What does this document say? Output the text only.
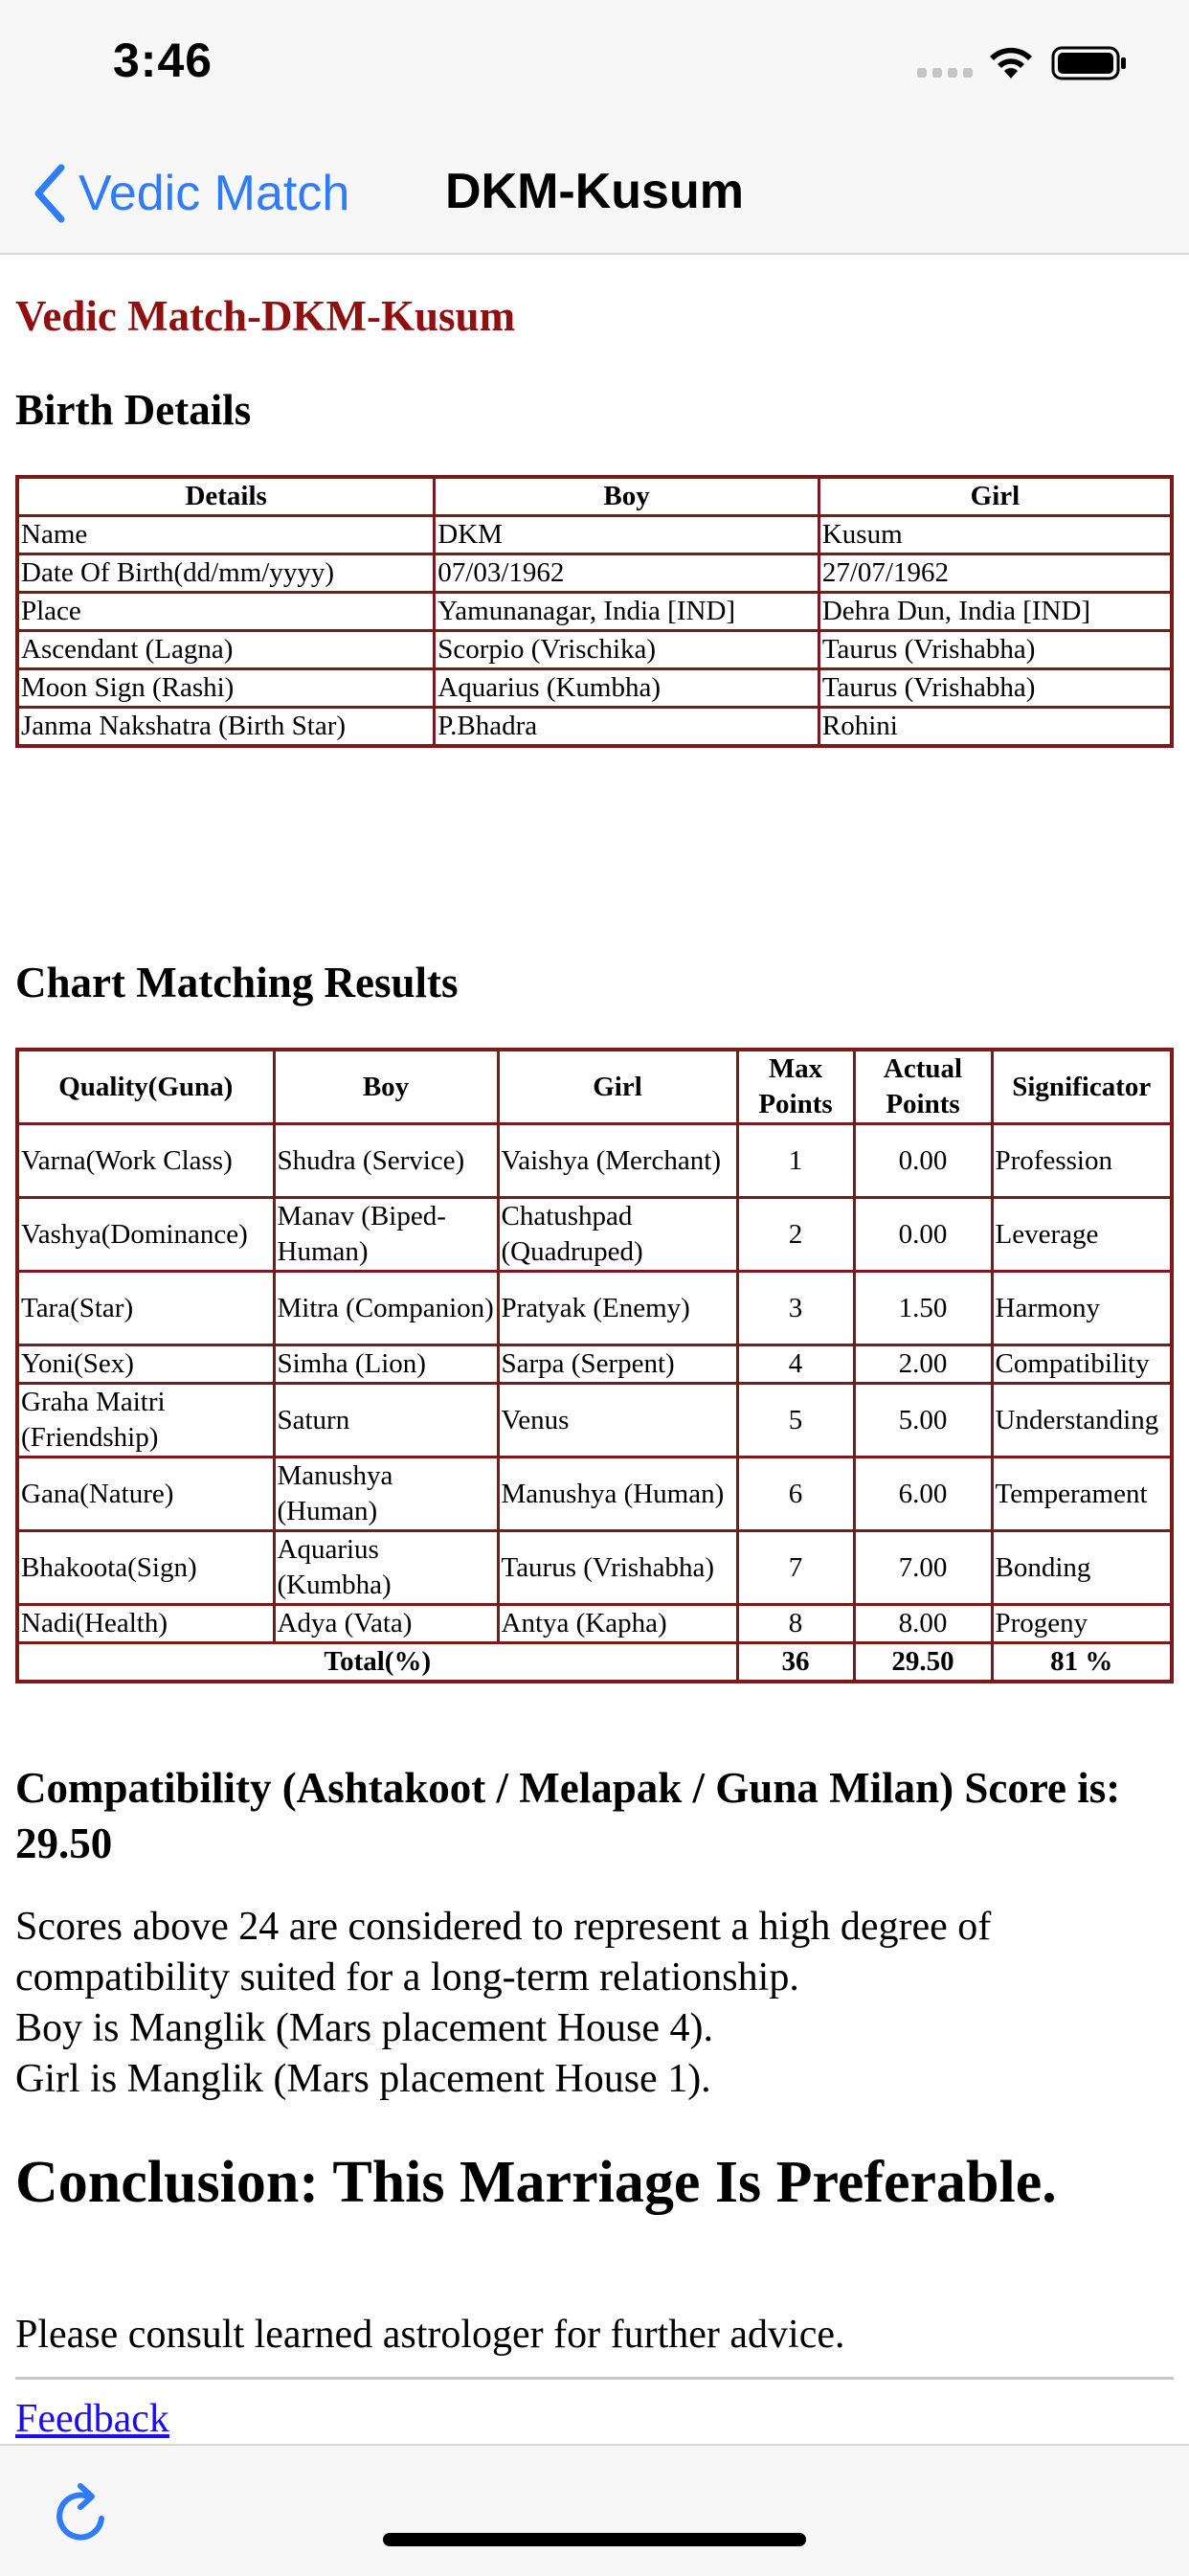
3:46
Vedic Match	DKM-Kusum
Vedic Match-DKM-Kusum
Birth Details
Details	Boy	Girl
Name	DKM	Kusum
Date Of Birth(dd/mm/yyyy)	07/03/1962	27/07/1962
Place	Yamunanagar, India [IND]	Dehra Dun, India [IND]
Ascendant (Lagna)	Scorpio (Vrischika)	Taurus (Vrishabha)
Moon Sign (Rashi)	Aquarius (Kumbha)	Taurus (Vrishabha)
Janma Nakshatra (Birth Star)	P.Bhadra	Rohini
Chart Matching Results
Quality(Guna)	Boy	Girl	Max Points	Actual Points	Significator
Varna(Work Class)	Shudra (Service)	Vaishya (Merchant)	1	0.00	Profession
Vashya(Dominance)	Manav (Biped-Human)	Chatushpad (Quadruped)	2	0.00	Leverage
Tara(Star)	Mitra (Companion)	Pratyak (Enemy)	3	1.50	Harmony
Yoni(Sex)	Simha (Lion)	Sarpa (Serpent)	4	2.00	Compatibility
Graha Maitri (Friendship)	Saturn	Venus	5	5.00	Understanding
Gana(Nature)	Manushya (Human)	Manushya (Human)	6	6.00	Temperament
Bhakoota(Sign)	Aquarius (Kumbha)	Taurus (Vrishabha)	7	7.00	Bonding
Nadi(Health)	Adya (Vata)	Antya (Kapha)	8	8.00	Progeny
Total(%)			36	29.50	81 %
Compatibility (Ashtakoot / Melapak / Guna Milan) Score is:
29.50
Scores above 24 are considered to represent a high degree of
compatibility suited for a long-term relationship.
Boy is Manglik (Mars placement House 4).
Girl is Manglik (Mars placement House 1).
Conclusion: This Marriage Is Preferable.
Please consult learned astrologer for further advice.
Feedback
